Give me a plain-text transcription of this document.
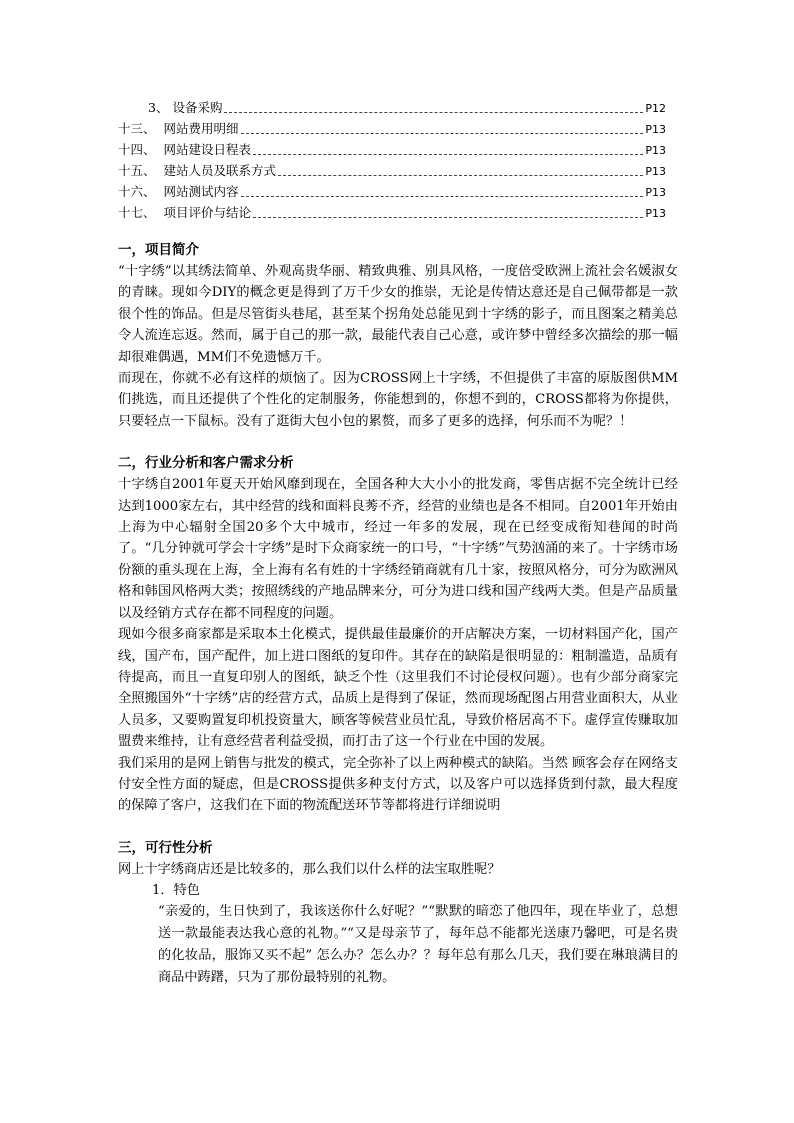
3、 设备采购	P12
十三、 网站费用明细	P13
十四、 网站建设日程表	P13
十五、 建站人员及联系方式	P13
十六、 网站测试内容	P13
十七、 项目评价与结论	P13

一，项目简介

“十字绣”以其绣法简单、外观高贵华丽、精致典雅、别具风格，一度倍受欧洲上流社会名媛淑女的青睐。现如今DIY的概念更是得到了万千少女的推崇，无论是传情达意还是自己佩带都是一款很个性的饰品。但是尽管街头巷尾，甚至某个拐角处总能见到十字绣的影子，而且图案之精美总令人流连忘返。然而，属于自己的那一款，最能代表自己心意，或许梦中曾经多次描绘的那一幅却很难偶遇，MM们不免遗憾万千。

而现在，你就不必有这样的烦恼了。因为CROSS网上十字绣，不但提供了丰富的原版图供MM们挑选，而且还提供了个性化的定制服务，你能想到的，你想不到的，CROSS都将为你提供，只要轻点一下鼠标。没有了逛街大包小包的累赘，而多了更多的选择，何乐而不为呢？！

二，行业分析和客户需求分析

十字绣自2001年夏天开始风靡到现在，全国各种大大小小的批发商，零售店据不完全统计已经达到1000家左右，其中经营的线和面料良莠不齐，经营的业绩也是各不相同。自2001年开始由上海为中心辐射全国20多个大中城市，经过一年多的发展，现在已经变成衔知巷闻的时尚了。“几分钟就可学会十字绣”是时下众商家统一的口号，“十字绣”气势汹涌的来了。十字绣市场份额的重头现在上海，全上海有名有姓的十字绣经销商就有几十家，按照风格分，可分为欧洲风格和韩国风格两大类；按照绣线的产地品牌来分，可分为进口线和国产线两大类。但是产品质量以及经销方式存在都不同程度的问题。

现如今很多商家都是采取本土化模式，提供最佳最廉价的开店解决方案，一切材料国产化，国产线，国产布，国产配件，加上进口图纸的复印件。其存在的缺陷是很明显的：粗制滥造，品质有待提高，而且一直复印别人的图纸，缺乏个性（这里我们不讨论侵权问题）。也有少部分商家完全照搬国外“十字绣”店的经营方式，品质上是得到了保证，然而现场配图占用营业面积大，从业人员多，又要购置复印机投资量大，顾客等候营业员忙乱，导致价格居高不下。虚俘宣传赚取加盟费来维持，让有意经营者利益受损，而打击了这一个行业在中国的发展。

我们采用的是网上销售与批发的模式，完全弥补了以上两种模式的缺陷。当然 顾客会存在网络支付安全性方面的疑虑，但是CROSS提供多种支付方式，以及客户可以选择货到付款，最大程度的保障了客户，这我们在下面的物流配送环节等都将进行详细说明

三，可行性分析

网上十字绣商店还是比较多的，那么我们以什么样的法宝取胜呢？

1．特色

“亲爱的，生日快到了，我该送你什么好呢？”“默默的暗恋了他四年，现在毕业了，总想送一款最能表达我心意的礼物。”“又是母亲节了，每年总不能都光送康乃馨吧，可是名贵的化妆品，服饰又买不起” 怎么办？怎么办？？每年总有那么几天，我们要在琳琅满目的商品中踌躇，只为了那份最特别的礼物。
